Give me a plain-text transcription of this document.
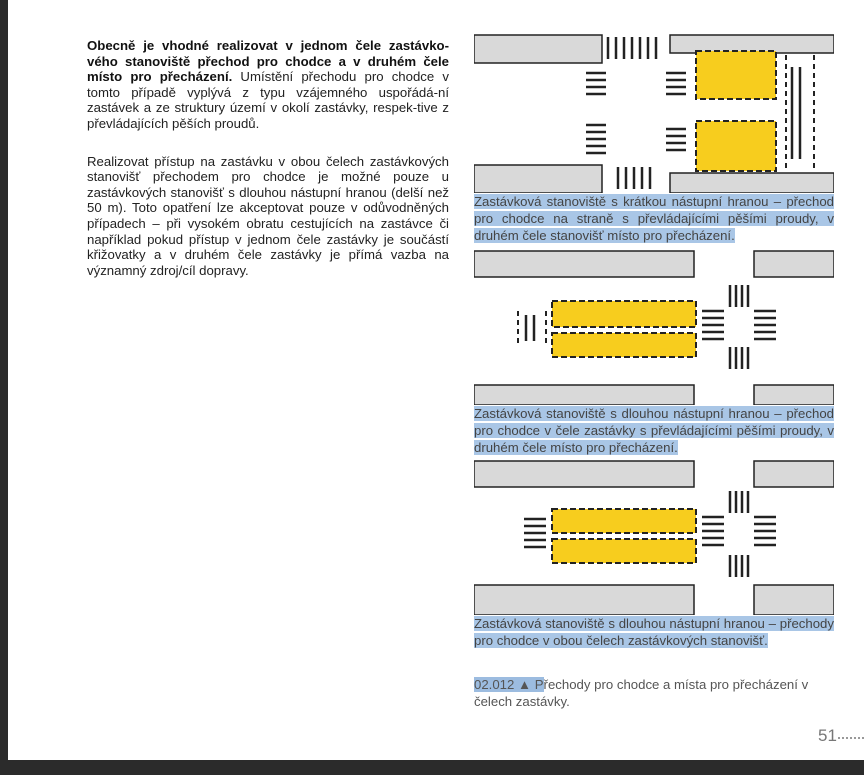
Obecně je vhodné realizovat v jednom čele zastávko-vého stanoviště přechod pro chodce a v druhém čele místo pro přecházení. Umístění přechodu pro chodce v tomto případě vyplývá z typu vzájemného uspořádá-ní zastávek a ze struktury území v okolí zastávky, respek-tive z převládajících pěších proudů.

Realizovat přístup na zastávku v obou čelech zastávkových stanovišť přechodem pro chodce je možné pouze u zastávkových stanovišť s dlouhou nástupní hranou (delší než 50 m). Toto opatření lze akceptovat pouze v odůvodněných případech – při vysokém obratu cestujících na zastávce či například pokud přístup v jednom čele zastávky je součástí křižovatky a v druhém čele zastávky je přímá vazba na významný zdroj/cíl dopravy.

Zastávková stanoviště s krátkou nástupní hranou – přechod pro chodce na straně s převládajícími pěšími proudy, v druhém čele stanovišť místo pro přecházení.
Zastávková stanoviště s dlouhou nástupní hranou – přechod pro chodce v čele zastávky s převládajícími pěšími proudy, v druhém čele místo pro přecházení.
Zastávková stanoviště s dlouhou nástupní hranou – přechody pro chodce v obou čelech zastávkových stanovišť.
02.012 ▲ Přechody pro chodce a místa pro přecházení v čelech zastávky.
51
